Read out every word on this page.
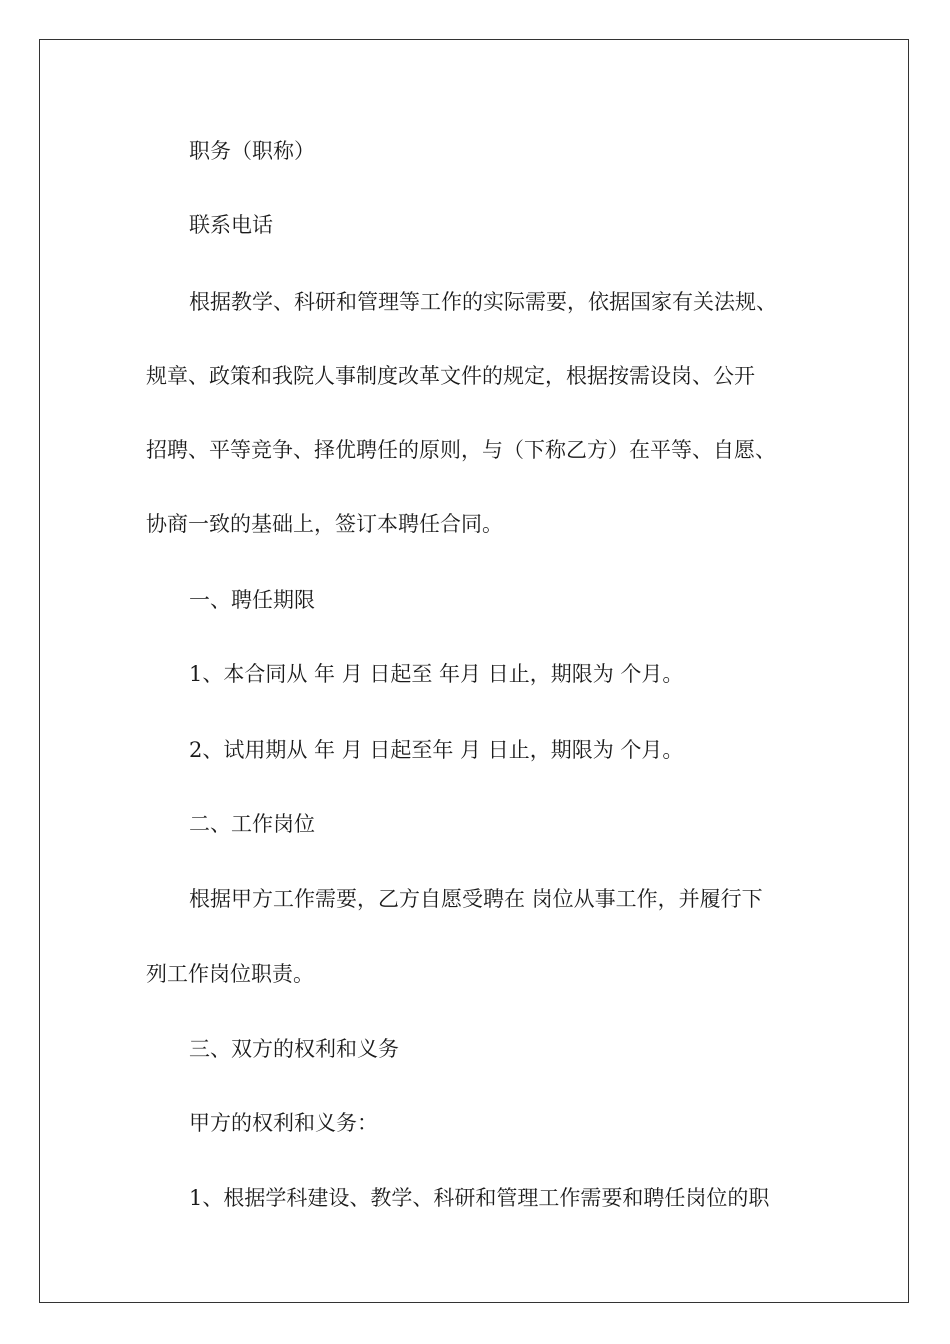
职务（职称）
联系电话
根据教学、科研和管理等工作的实际需要，依据国家有关法规、
规章、政策和我院人事制度改革文件的规定，根据按需设岗、公开
招聘、平等竞争、择优聘任的原则，与（下称乙方）在平等、自愿、
协商一致的基础上，签订本聘任合同。
一、聘任期限
1、本合同从 年 月 日起至 年月 日止，期限为 个月。
2、试用期从 年 月 日起至年 月 日止，期限为 个月。
二、工作岗位
根据甲方工作需要，乙方自愿受聘在 岗位从事工作，并履行下
列工作岗位职责。
三、双方的权利和义务
甲方的权利和义务：
1、根据学科建设、教学、科研和管理工作需要和聘任岗位的职
